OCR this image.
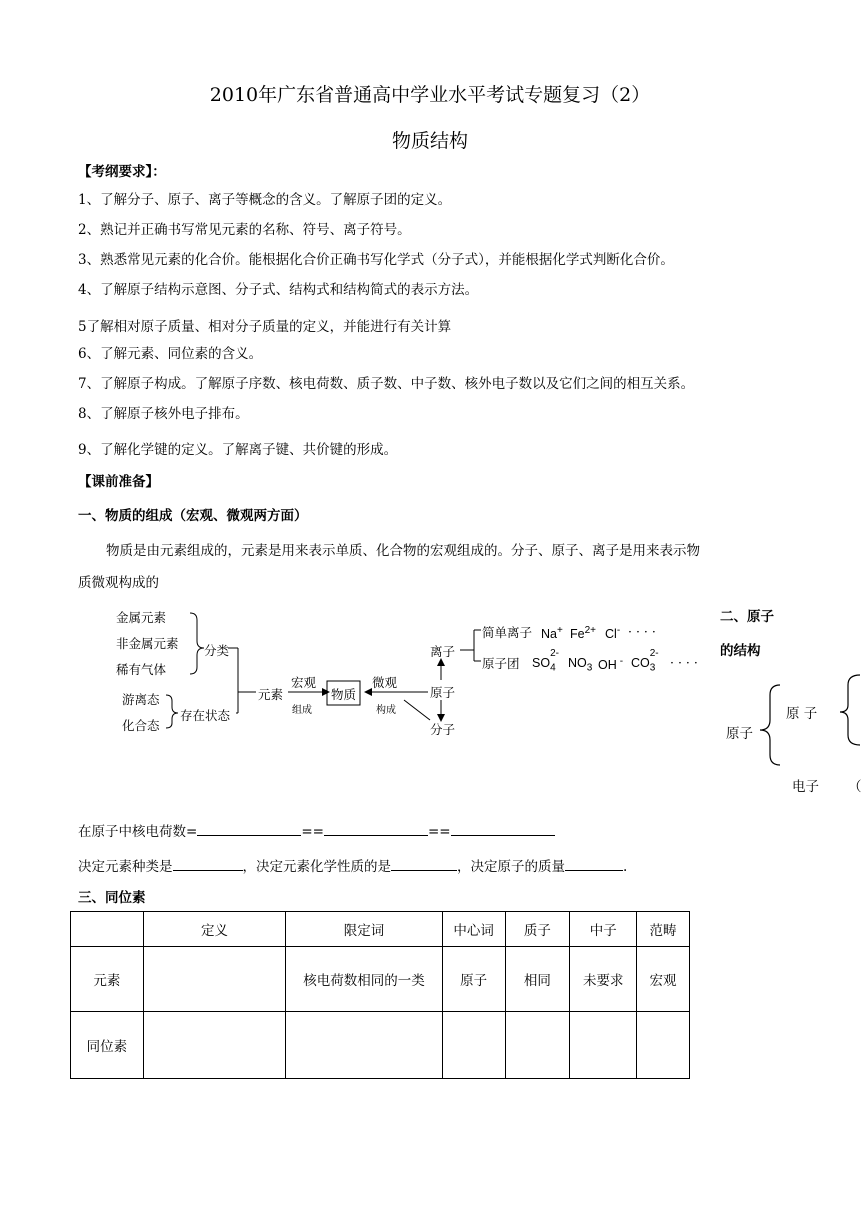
2010年广东省普通高中学业水平考试专题复习（2）
物质结构
【考纲要求】：
1、了解分子、原子、离子等概念的含义。了解原子团的定义。
2、熟记并正确书写常见元素的名称、符号、离子符号。
3、熟悉常见元素的化合价。能根据化合价正确书写化学式（分子式），并能根据化学式判断化合价。
4、了解原子结构示意图、分子式、结构式和结构简式的表示方法。
5了解相对原子质量、相对分子质量的定义，并能进行有关计算
6、了解元素、同位素的含义。
7、了解原子构成。了解原子序数、核电荷数、质子数、中子数、核外电子数以及它们之间的相互关系。
8、了解原子核外电子排布。
9、了解化学键的定义。了解离子键、共价键的形成。
【课前准备】
一、物质的组成（宏观、微观两方面）
物质是由元素组成的，元素是用来表示单质、化合物的宏观组成的。分子、原子、离子是用来表示物
质微观构成的
金属元素
非金属元素
稀有气体
分类
游离态
化合态
存在状态
元素
宏观
组成
物质
微观
构成
离子
原子
分子
简单离子
原子团
Na+ $Fe^{2+}$ Cl- · · · ·
SO
2-
$_4$ $NO_3$ OH - CO
2-
$_3$ · · · ·
二、原子
的结构
原子
原 子
电子 （
在原子中核电荷数=	==	==
决定元素种类是	，决定元素化学性质的是	，决定原子的质量	.
三、同位素
	定义	限定词	中心词	质子	中子	范畴
元素		核电荷数相同的一类	原子	相同	未要求	宏观
同位素						
